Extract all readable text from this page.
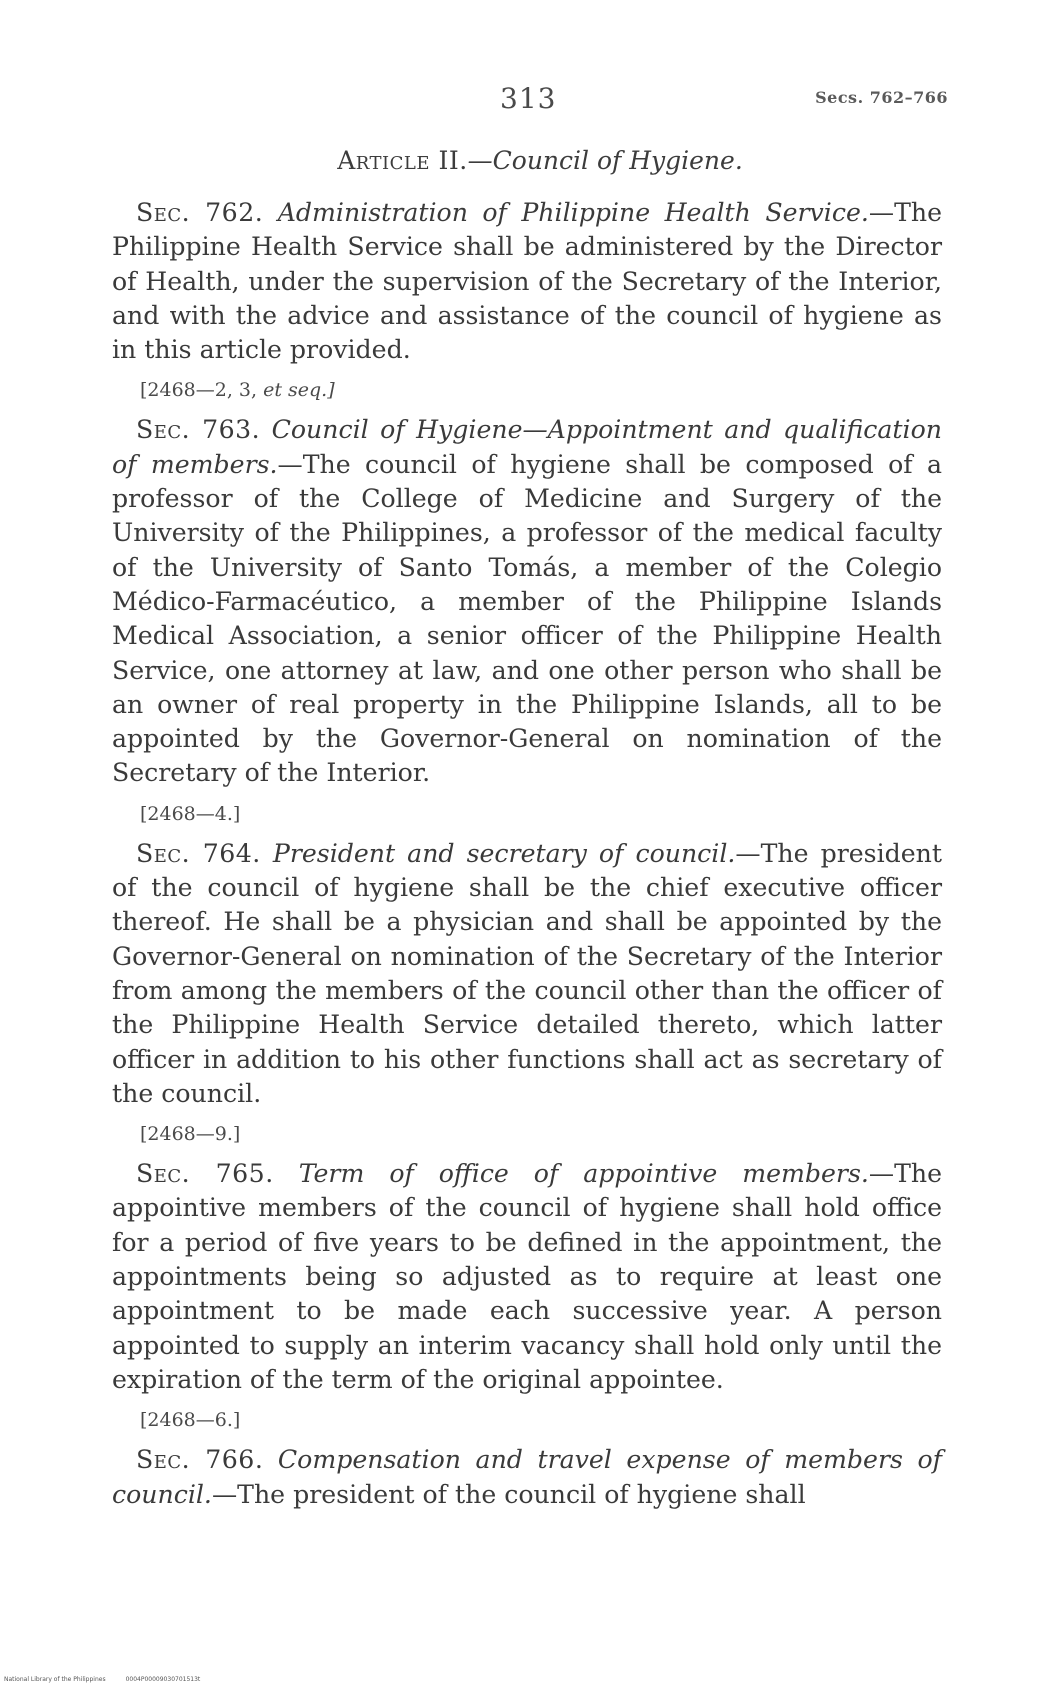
313	Secs. 762–766
Article II.—Council of Hygiene.

Sec. 762. Administration of Philippine Health Service.—The Philippine Health Service shall be administered by the Director of Health, under the supervision of the Secretary of the Interior, and with the advice and assistance of the council of hygiene as in this article provided.

[2468—2, 3, et seq.]

Sec. 763. Council of Hygiene—Appointment and qualification of members.—The council of hygiene shall be composed of a professor of the College of Medicine and Surgery of the University of the Philippines, a professor of the medical faculty of the University of Santo Tomás, a member of the Colegio Médico-Farmacéutico, a member of the Philippine Islands Medical Association, a senior officer of the Philippine Health Service, one attorney at law, and one other person who shall be an owner of real property in the Philippine Islands, all to be appointed by the Governor-General on nomination of the Secretary of the Interior.

[2468—4.]

Sec. 764. President and secretary of council.—The president of the council of hygiene shall be the chief executive officer thereof. He shall be a physician and shall be appointed by the Governor-General on nomination of the Secretary of the Interior from among the members of the council other than the officer of the Philippine Health Service detailed thereto, which latter officer in addition to his other functions shall act as secretary of the council.

[2468—9.]

Sec. 765. Term of office of appointive members.—The appointive members of the council of hygiene shall hold office for a period of five years to be defined in the appointment, the appointments being so adjusted as to require at least one appointment to be made each successive year. A person appointed to supply an interim vacancy shall hold only until the expiration of the term of the original appointee.

[2468—6.]

Sec. 766. Compensation and travel expense of members of council.—The president of the council of hygiene shall

National Library of the Philippines	0004P00009030701513t
